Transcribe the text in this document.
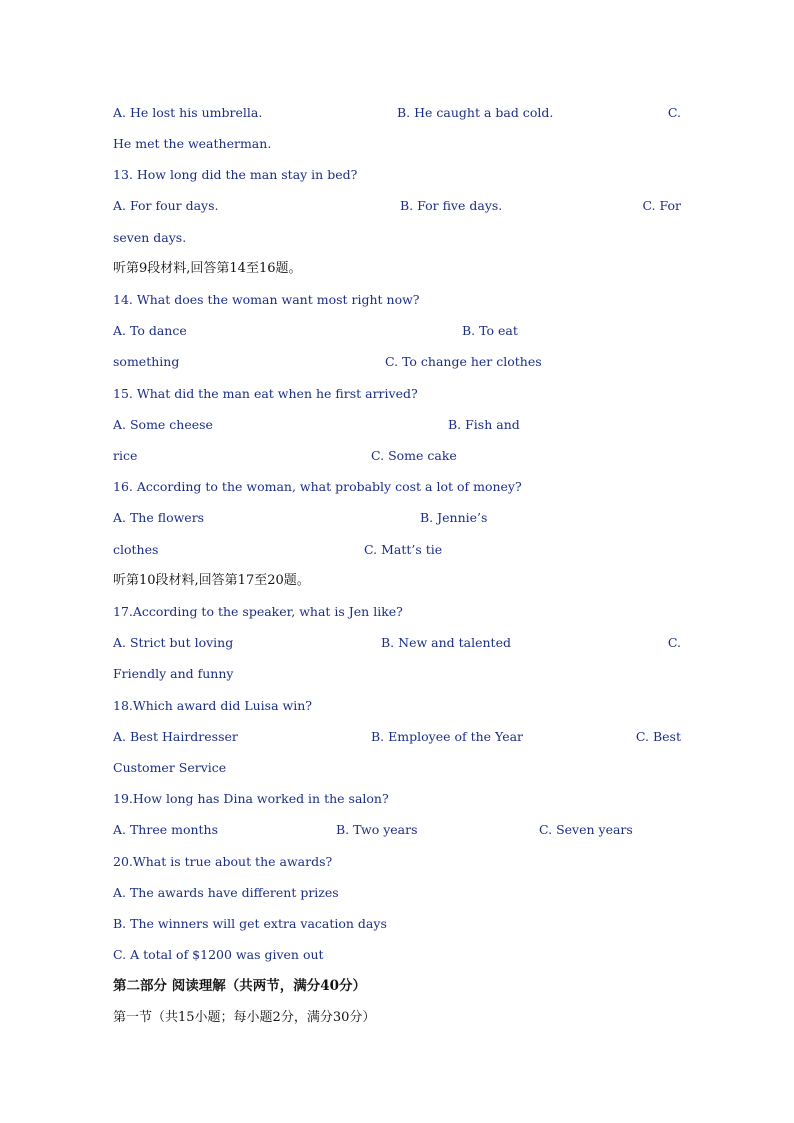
A. He lost his umbrella.	B. He caught a bad cold.	C.
He met the weatherman.
13. How long did the man stay in bed?
A. For four days.	B. For five days.	C. For
seven days.
听第9段材料,回答第14至16题。
14. What does the woman want most right now?
A. To dance	B. To eat
something	C. To change her clothes
15. What did the man eat when he first arrived?
A. Some cheese	B. Fish and
rice	C. Some cake
16. According to the woman, what probably cost a lot of money?
A. The flowers	B. Jennie’s
clothes	C. Matt’s tie
听第10段材料,回答第17至20题。
17.According to the speaker, what is Jen like?
A. Strict but loving	B. New and talented	C.
Friendly and funny
18.Which award did Luisa win?
A. Best Hairdresser	B. Employee of the Year	C. Best
Customer Service
19.How long has Dina worked in the salon?
A. Three months	B. Two years	C. Seven years
20.What is true about the awards?
A. The awards have different prizes
B. The winners will get extra vacation days
C. A total of $1200 was given out
第二部分 阅读理解（共两节，满分40分）
第一节（共15小题；每小题2分，满分30分）
